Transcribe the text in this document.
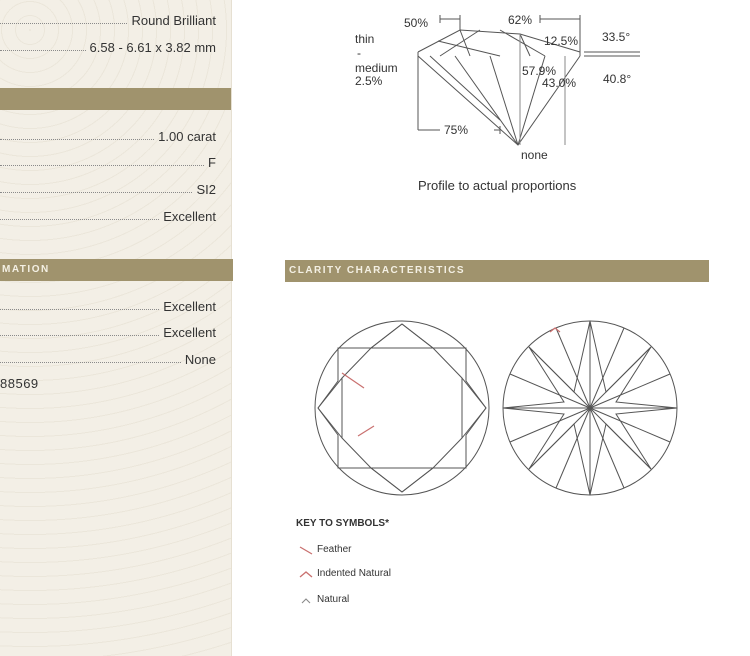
Round Brilliant
6.58 - 6.61 x 3.82 mm
1.00 carat
F
SI2
Excellent
MATION
Excellent
Excellent
None
88569
50%	62%
12.5% 33.5°
thin
-
medium
2.5%
57.9%
43.0% 40.8°
75%
none
Profile to actual proportions
CLARITY CHARACTERISTICS
KEY TO SYMBOLS*
Feather
Indented Natural
Natural
